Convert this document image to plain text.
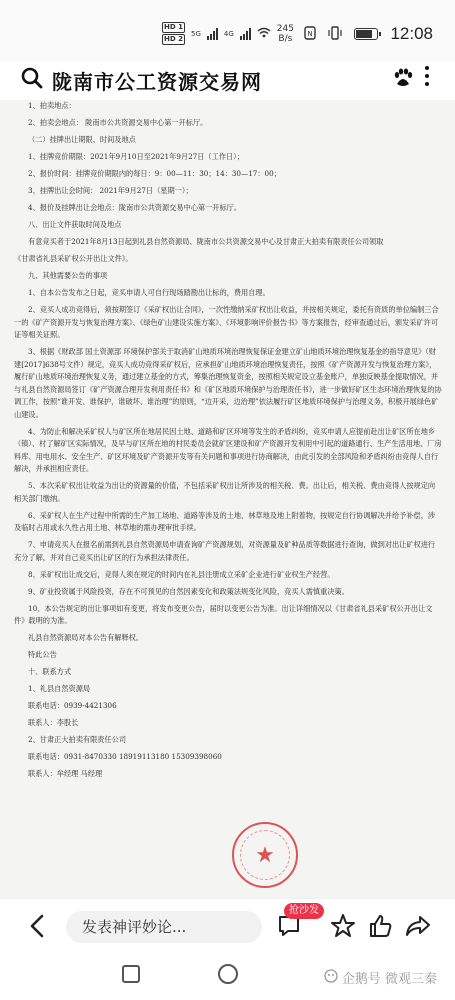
HD 1
HD 2
5G	4G	245
B/s N	12:08
陇南市公工资源交易网

1、拍卖地点：

2、拍卖会地点： 陇南市公共资源交易中心第一开标厅。

（二）挂牌出让期限、时间及地点

1、挂牌竞价期限：2021年9月10日至2021年9月27日（工作日）；

2、报价时间：挂牌竞价期限内的每日：9：00—11：30；14：30—17：00；

3、挂牌出让会时间： 2021年9月27日（星期一）；

4、报价及挂牌出让会地点：陇南市公共资源交易中心第一开标厅。

八、出让文件获取时间及地点

有意竞买者于2021年8月13日起到礼县自然资源局、陇南市公共资源交易中心及甘肃正大拍卖有限责任公司领取

《甘肃省礼县采矿权公开出让文件》。

九、其他需要公告的事项

1、自本公告发布之日起，竞买申请人可自行现场踏勘出让标的，费用自理。

2、竞买人成功竞得后，须按期签订《采矿权出让合同》，一次性缴纳采矿权出让收益，并按相关规定，委托有资质的单位编制三合一的《矿产资源开发与恢复治理方案》、《绿色矿山建设实施方案》、《环境影响评价报告书》等方案报告，经审查通过后，颁发采矿许可证等相关证照。

3、根据《财政部 国土资源部 环境保护部关于取消矿山地质环境治理恢复保证金建立矿山地质环境治理恢复基金的指导意见》（财建[2017]638号文件）规定，竞买人成功竞得采矿权后，应承担矿山地质环境治理恢复责任，按照《矿产资源开发与恢复治理方案》，履行矿山地质环境治理恢复义务，通过建立基金的方式，筹集治理恢复资金，按照相关规定设立基金账户，单独反映基金提取情况，并与礼县自然资源局签订《矿产资源合理开发利用责任书》和《矿区地质环境保护与治理责任书》，进一步做好矿区生态环境治理恢复的协调工作，按照“谁开发、谁保护，谁破坏、谁治理”的原则，“边开采，边治理”依法履行矿区地质环境保护与治理义务，积极开展绿色矿山建设。

4、为防止和解决采矿权人与矿区所在地居民因土地、道路和矿区环境等发生的矛盾纠纷，竞买申请人应提前赴出让矿区所在地乡（镇）、村了解矿区实际情况，及早与矿区所在地的村民委员会就矿区建设和矿产资源开发利用中引起的道路通行、生产生活用地、厂房料库、用电用水、安全生产、矿区环境及矿产资源开发等有关问题和事项进行协商解决，由此引发的全部风险和矛盾纠纷由竞得人自行解决，并承担相应责任。

5、本次采矿权出让收益为出让的资源量的价值，不包括采矿权出让所涉及的相关税、费。出让后，相关税、费由竞得人按规定向相关部门缴纳。

6、采矿权人在生产过程中所需的生产加工场地、道路等涉及的土地、林草地及地上附着物，按规定自行协调解决并给予补偿，涉及临时占用或永久性占用土地、林草地的需办理审批手续。

7、申请竞买人在报名前需到礼县自然资源局申请查询矿产资源规划，对资源量及矿种品质等数据进行查询，做到对出让矿权进行充分了解，并对自己竞买出让矿区的行为承担法律责任。

8、采矿权出让成交后，竞得人须在规定的时间内在礼县注册成立采矿企业进行矿业权生产经营。

9、矿业投资属于风险投资，存在不可预见的自然因素变化和政策法规变化风险，竞买人需慎重决策。

10、本公告规定的出让事项如有变更，将发布变更公告，届时以变更公告为准。出让详细情况以《甘肃省礼县采矿权公开出让文件》载明的为准。

礼县自然资源局对本公告有解释权。

特此公告

十、联系方式

1、礼县自然资源局

联系电话：0939-4421306

联系人：李股长

2、甘肃正大拍卖有限责任公司

联系电话：0931-8470330 18919113180 15309398060

联系人：牟经理 马经理

★
发表神评妙论...
抢沙发
企鹅号 微观三秦
